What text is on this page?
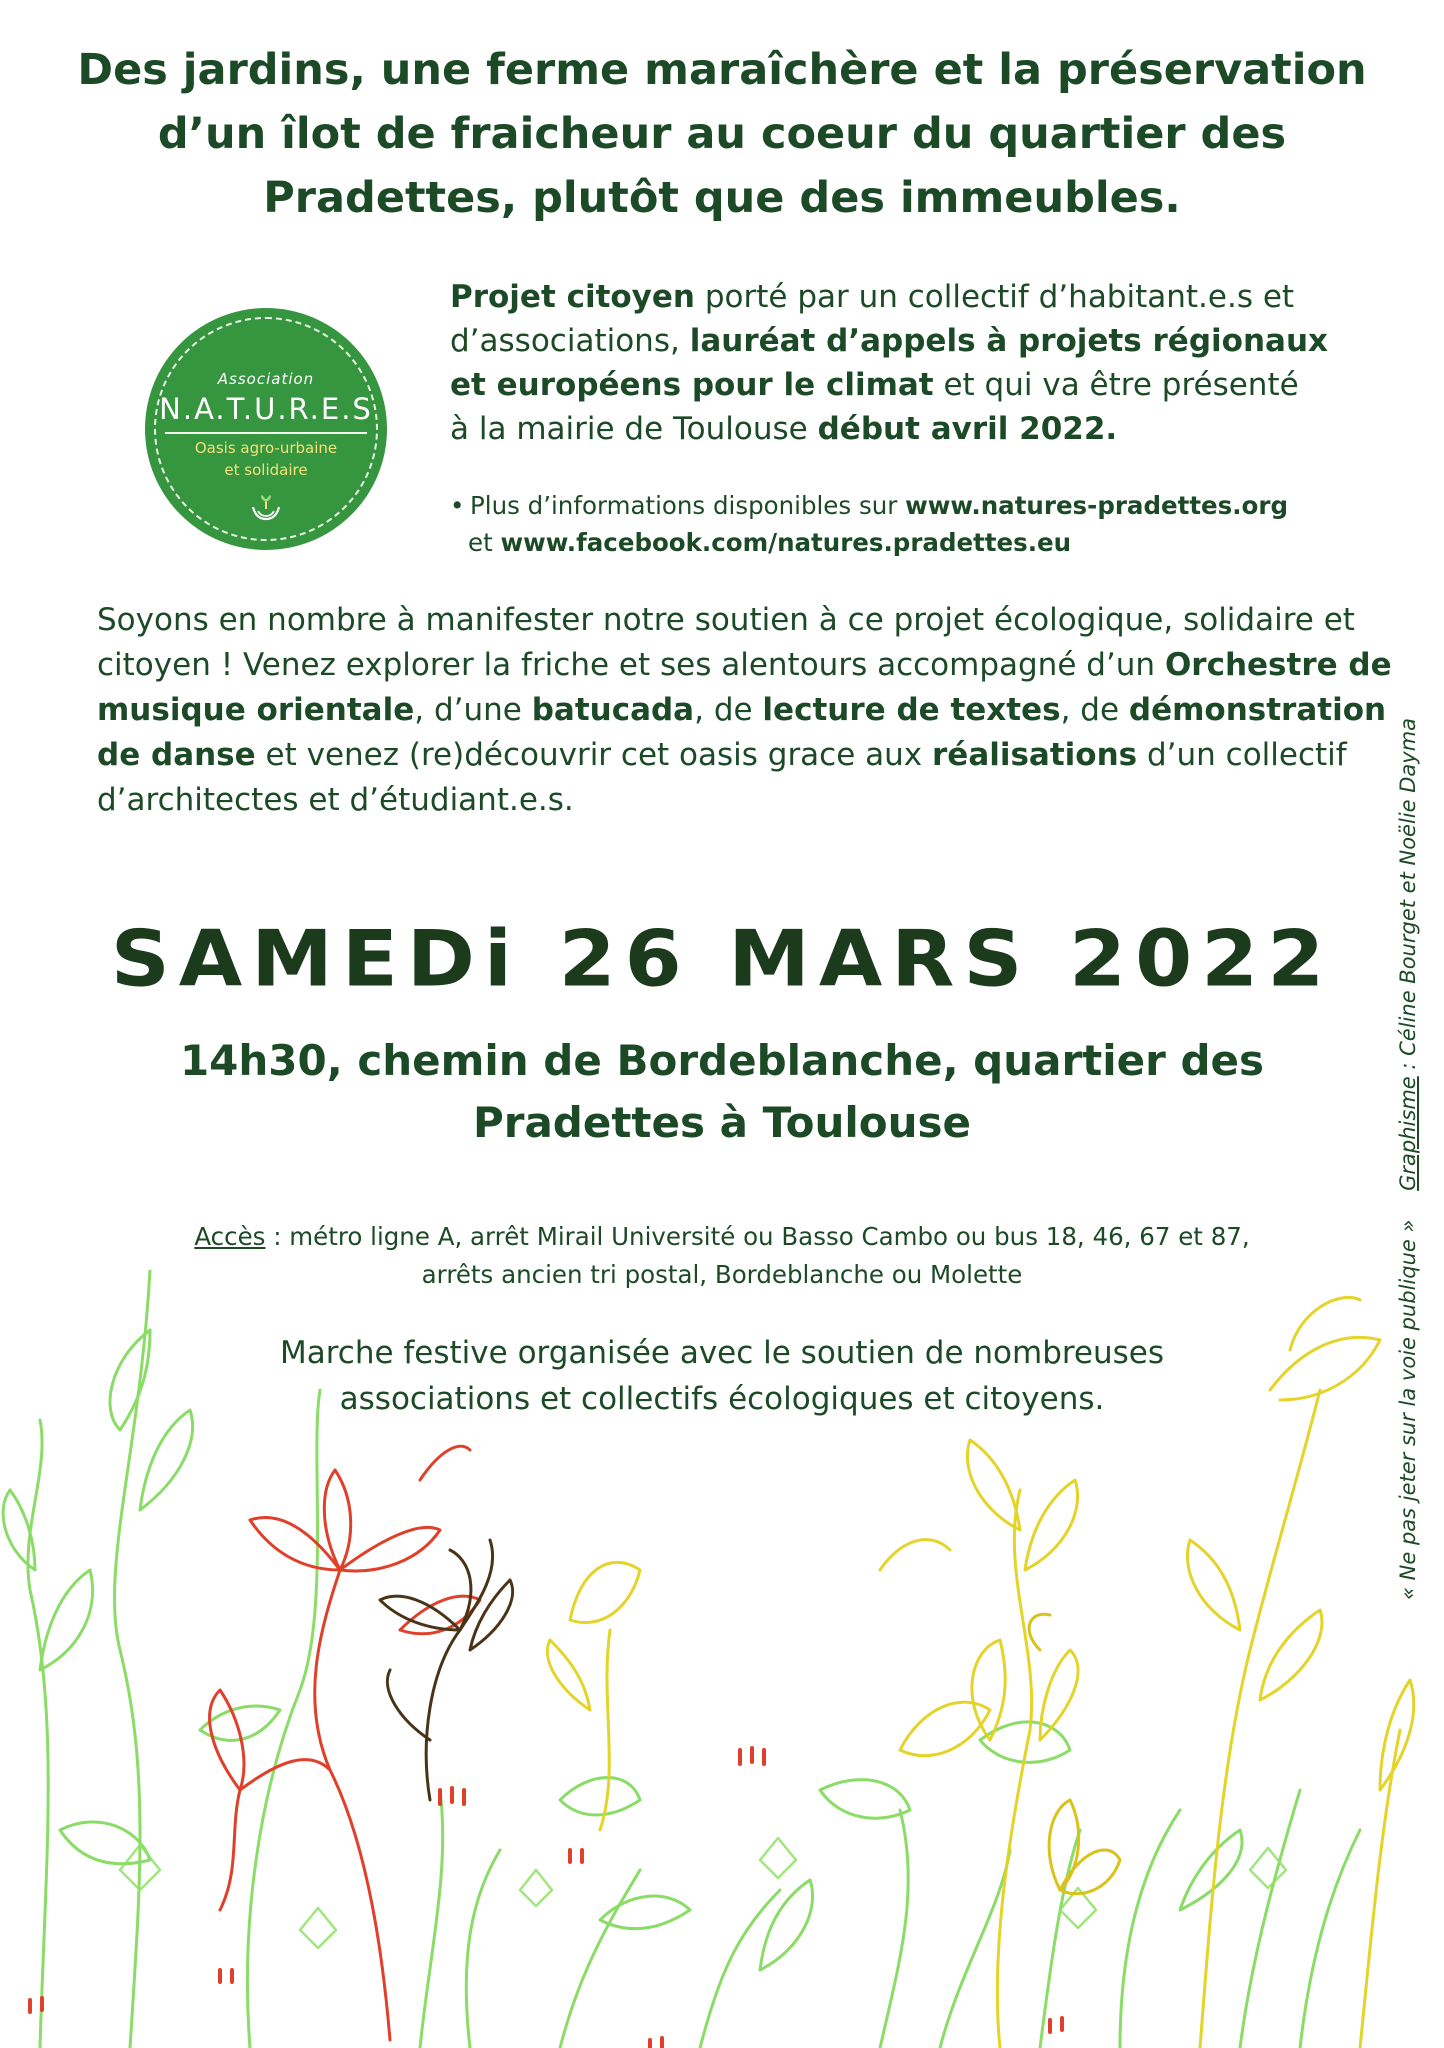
Des jardins, une ferme maraîchère et la préservation
d’un îlot de fraicheur au coeur du quartier des
Pradettes, plutôt que des immeubles.
Association
N.A.T.U.R.E.S
Oasis agro-urbaine
et solidaire

Projet citoyen porté par un collectif d’habitant.e.s et

d’associations, lauréat d’appels à projets régionaux

et européens pour le climat et qui va être présenté

à la mairie de Toulouse début avril 2022.

• Plus d’informations disponibles sur www.natures-pradettes.org

et www.facebook.com/natures.pradettes.eu

Soyons en nombre à manifester notre soutien à ce projet écologique, solidaire et

citoyen ! Venez explorer la friche et ses alentours accompagné d’un Orchestre de

musique orientale, d’une batucada, de lecture de textes, de démonstration

de danse et venez (re)découvrir cet oasis grace aux réalisations d’un collectif

d’architectes et d’étudiant.e.s.

SAMEDi 26 MARS 2022
14h30, chemin de Bordeblanche, quartier des
Pradettes à Toulouse

Accès : métro ligne A, arrêt Mirail Université ou Basso Cambo ou bus 18, 46, 67 et 87,

arrêts ancien tri postal, Bordeblanche ou Molette

Marche festive organisée avec le soutien de nombreuses

associations et collectifs écologiques et citoyens.	« Ne pas jeter sur la voie publique » Graphisme : Céline Bourget et Noëlie Dayma
